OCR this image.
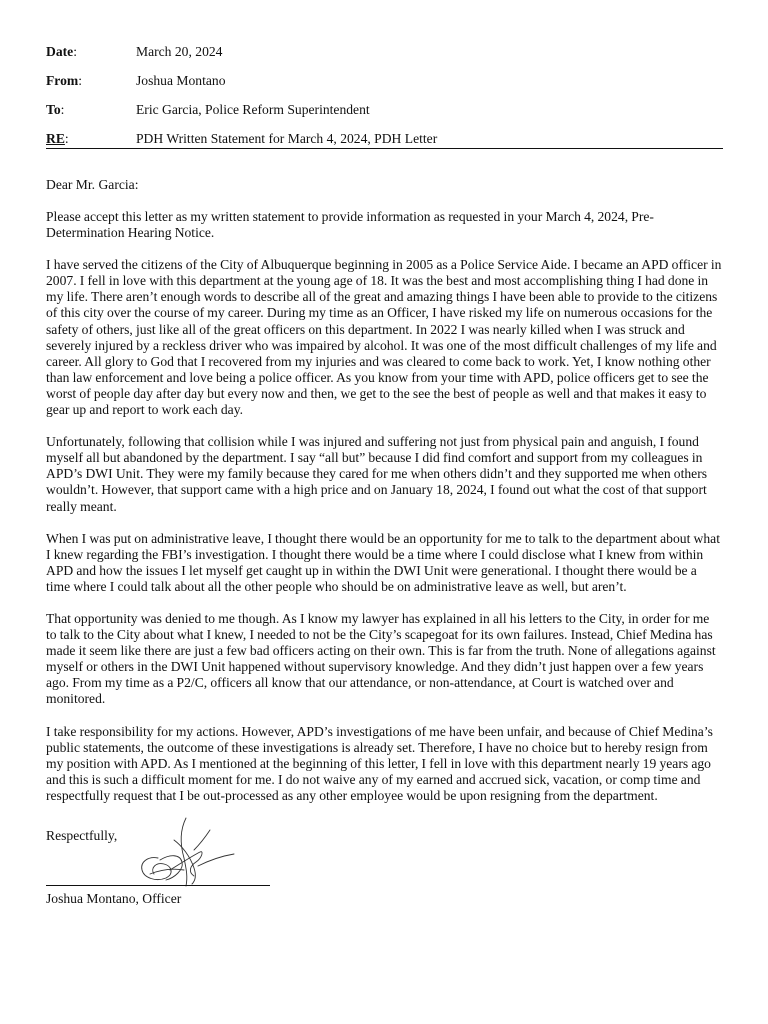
Date:	March 20, 2024
From:	Joshua Montano
To:	Eric Garcia, Police Reform Superintendent
RE:	PDH Written Statement for March 4, 2024, PDH Letter
Dear Mr. Garcia:
Please accept this letter as my written statement to provide information as requested in your March 4, 2024, Pre-Determination Hearing Notice.
I have served the citizens of the City of Albuquerque beginning in 2005 as a Police Service Aide. I became an APD officer in 2007. I fell in love with this department at the young age of 18. It was the best and most accomplishing thing I had done in my life. There aren’t enough words to describe all of the great and amazing things I have been able to provide to the citizens of this city over the course of my career. During my time as an Officer, I have risked my life on numerous occasions for the safety of others, just like all of the great officers on this department. In 2022 I was nearly killed when I was struck and severely injured by a reckless driver who was impaired by alcohol. It was one of the most difficult challenges of my life and career. All glory to God that I recovered from my injuries and was cleared to come back to work. Yet, I know nothing other than law enforcement and love being a police officer. As you know from your time with APD, police officers get to see the worst of people day after day but every now and then, we get to the see the best of people as well and that makes it easy to gear up and report to work each day.
Unfortunately, following that collision while I was injured and suffering not just from physical pain and anguish, I found myself all but abandoned by the department. I say “all but” because I did find comfort and support from my colleagues in APD’s DWI Unit. They were my family because they cared for me when others didn’t and they supported me when others wouldn’t. However, that support came with a high price and on January 18, 2024, I found out what the cost of that support really meant.
When I was put on administrative leave, I thought there would be an opportunity for me to talk to the department about what I knew regarding the FBI’s investigation. I thought there would be a time where I could disclose what I knew from within APD and how the issues I let myself get caught up in within the DWI Unit were generational. I thought there would be a time where I could talk about all the other people who should be on administrative leave as well, but aren’t.
That opportunity was denied to me though. As I know my lawyer has explained in all his letters to the City, in order for me to talk to the City about what I knew, I needed to not be the City’s scapegoat for its own failures. Instead, Chief Medina has made it seem like there are just a few bad officers acting on their own. This is far from the truth. None of allegations against myself or others in the DWI Unit happened without supervisory knowledge. And they didn’t just happen over a few years ago. From my time as a P2/C, officers all know that our attendance, or non-attendance, at Court is watched over and monitored.
I take responsibility for my actions. However, APD’s investigations of me have been unfair, and because of Chief Medina’s public statements, the outcome of these investigations is already set. Therefore, I have no choice but to hereby resign from my position with APD. As I mentioned at the beginning of this letter, I fell in love with this department nearly 19 years ago and this is such a difficult moment for me. I do not waive any of my earned and accrued sick, vacation, or comp time and respectfully request that I be out-processed as any other employee would be upon resigning from the department.
Respectfully,
Joshua Montano, Officer
